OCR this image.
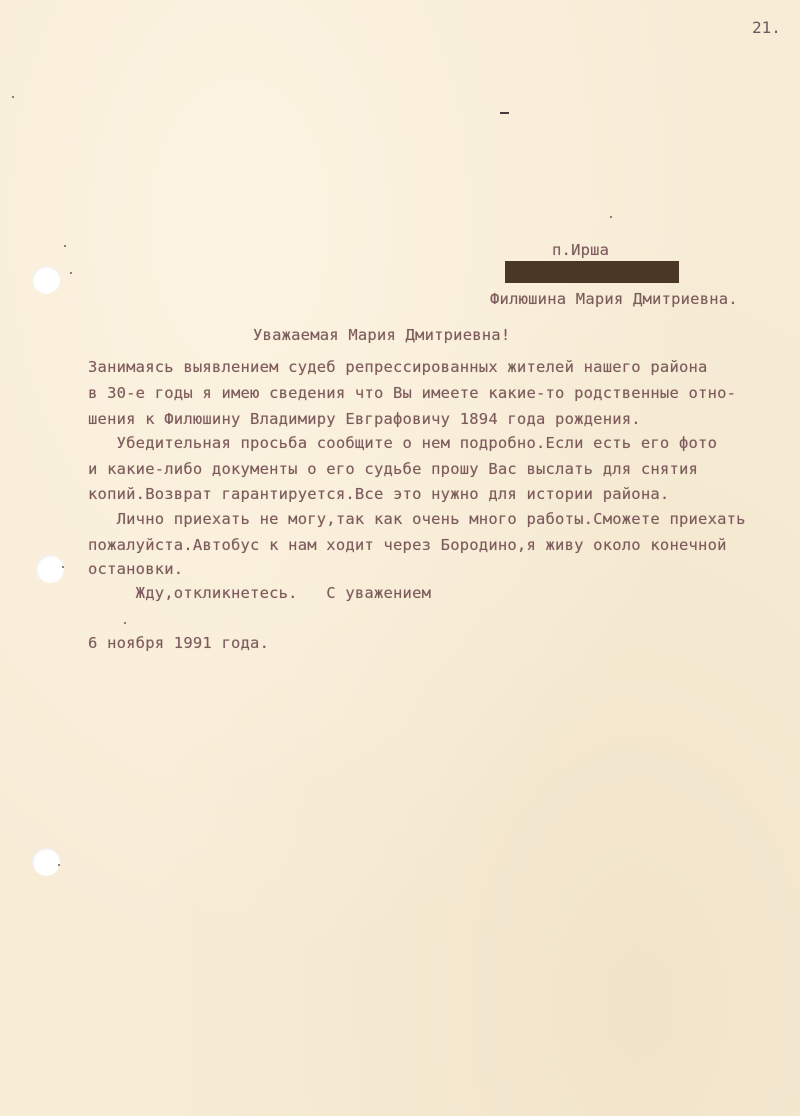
21.
п.Ирша
Филюшина Мария Дмитриевна.
Уважаемая Мария Дмитриевна!
Занимаясь выявлением судеб репрессированных жителей нашего района
в 30-е годы я имею сведения что Вы имеете какие-то родственные отно-
шения к Филюшину Владимиру Евграфовичу 1894 года рождения.
Убедительная просьба сообщите о нем подробно.Если есть его фото
и какие-либо документы о его судьбе прошу Вас выслать для снятия
копий.Возврат гарантируется.Все это нужно для истории района.
Лично приехать не могу,так как очень много работы.Сможете приехать
пожалуйста.Автобус к нам ходит через Бородино,я живу около конечной
остановки.
Жду,откликнетесь.   С уважением
6 ноября 1991 года.
